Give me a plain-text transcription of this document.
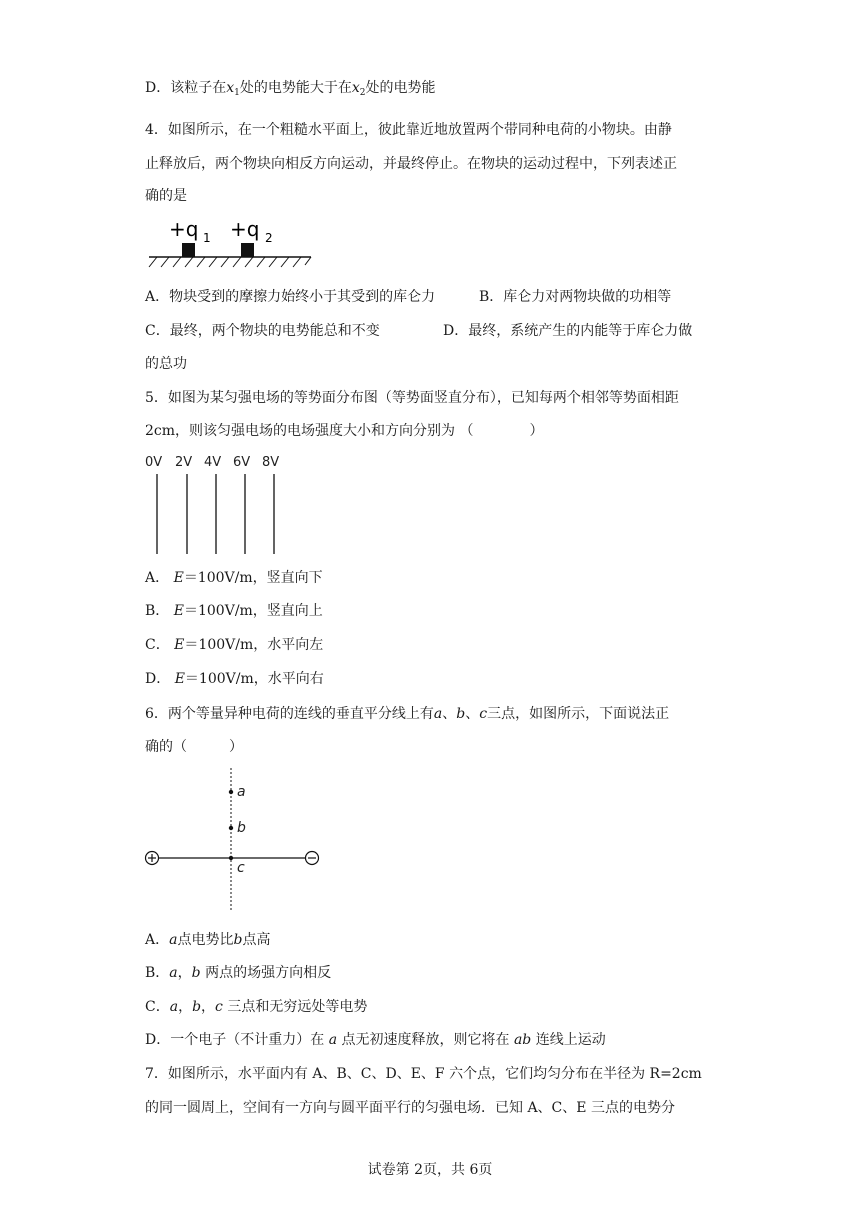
D．该粒子在$x_1$处的电势能大于在$x_2$处的电势能
4．如图所示，在一个粗糙水平面上，彼此靠近地放置两个带同种电荷的小物块。由静
止释放后，两个物块向相反方向运动，并最终停止。在物块的运动过程中，下列表述正
确的是
+q 1 +q 2
A．物块受到的摩擦力始终小于其受到的库仑力	B．库仑力对两物块做的功相等
C．最终，两个物块的电势能总和不变	D．最终，系统产生的内能等于库仑力做
的总功
5．如图为某匀强电场的等势面分布图（等势面竖直分布），已知每两个相邻等势面相距
2cm，则该匀强电场的电场强度大小和方向分别为 （　　　　）
0V 2V 4V 6V 8V
A． E＝100V/m，竖直向下
B． E＝100V/m，竖直向上
C． E＝100V/m，水平向左
D． E＝100V/m，水平向右
6．两个等量异种电荷的连线的垂直平分线上有a、b、c三点，如图所示，下面说法正
确的（　　　）
a
b
c
A．a点电势比b点高
B．a，b 两点的场强方向相反
C．a，b，c 三点和无穷远处等电势
D．一个电子（不计重力）在 a 点无初速度释放，则它将在 ab 连线上运动
7．如图所示，水平面内有 A、B、C、D、E、F 六个点，它们均匀分布在半径为 R=2cm
的同一圆周上，空间有一方向与圆平面平行的匀强电场．已知 A、C、E 三点的电势分
试卷第 2页，共 6页
